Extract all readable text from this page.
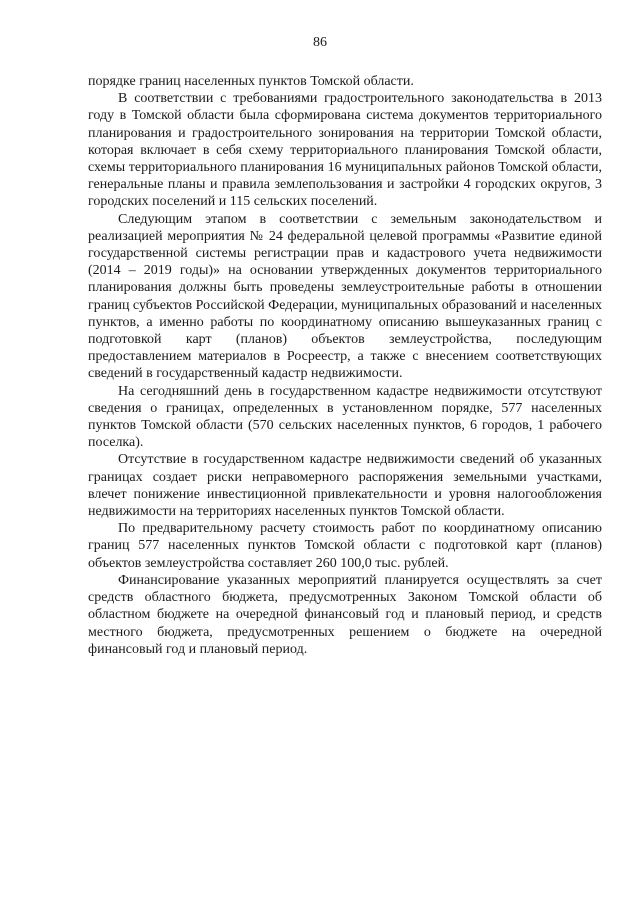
86

порядке границ населенных пунктов Томской области.

В соответствии с требованиями градостроительного законодательства в 2013 году в Томской области была сформирована система документов территориального планирования и градостроительного зонирования на территории Томской области, которая включает в себя схему территориального планирования Томской области, схемы территориального планирования 16 муниципальных районов Томской области, генеральные планы и правила землепользования и застройки 4 городских округов, 3 городских поселений и 115 сельских поселений.

Следующим этапом в соответствии с земельным законодательством и реализацией мероприятия № 24 федеральной целевой программы «Развитие единой государственной системы регистрации прав и кадастрового учета недвижимости (2014 – 2019 годы)» на основании утвержденных документов территориального планирования должны быть проведены землеустроительные работы в отношении границ субъектов Российской Федерации, муниципальных образований и населенных пунктов, а именно работы по координатному описанию вышеуказанных границ с подготовкой карт (планов) объектов землеустройства, последующим предоставлением материалов в Росреестр, а также с внесением соответствующих сведений в государственный кадастр недвижимости.

На сегодняшний день в государственном кадастре недвижимости отсутствуют сведения о границах, определенных в установленном порядке, 577 населенных пунктов Томской области (570 сельских населенных пунктов, 6 городов, 1 рабочего поселка).

Отсутствие в государственном кадастре недвижимости сведений об указанных границах создает риски неправомерного распоряжения земельными участками, влечет понижение инвестиционной привлекательности и уровня налогообложения недвижимости на территориях населенных пунктов Томской области.

По предварительному расчету стоимость работ по координатному описанию границ 577 населенных пунктов Томской области с подготовкой карт (планов) объектов землеустройства составляет 260 100,0 тыс. рублей.

Финансирование указанных мероприятий планируется осуществлять за счет средств областного бюджета, предусмотренных Законом Томской области об областном бюджете на очередной финансовый год и плановый период, и средств местного бюджета, предусмотренных решением о бюджете на очередной финансовый год и плановый период.
